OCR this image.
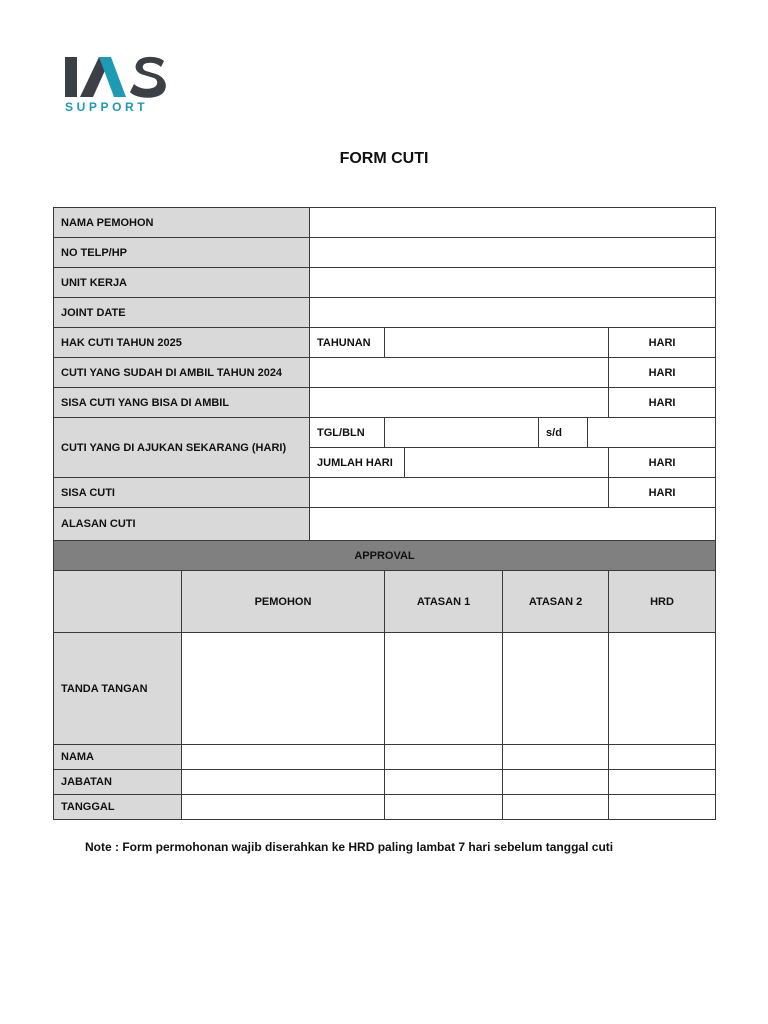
SUPPORT
FORM CUTI
NAMA PEMOHON								
NO TELP/HP								
UNIT KERJA								
JOINT DATE								
HAK CUTI TAHUN 2025		TAHUNAN						HARI
CUTI YANG SUDAH DI AMBIL TAHUN 2024								HARI
SISA CUTI YANG BISA DI AMBIL								HARI
CUTI YANG DI AJUKAN SEKARANG (HARI)		TGL/BLN				s/d		
		JUMLAH HARI						HARI
SISA CUTI								HARI
ALASAN CUTI								
APPROVAL								
	PEMOHON		ATASAN 1		ATASAN 2			HRD
TANDA TANGAN								
NAMA								
JABATAN								
TANGGAL								
Note : Form permohonan wajib diserahkan ke HRD paling lambat 7 hari sebelum tanggal cuti
